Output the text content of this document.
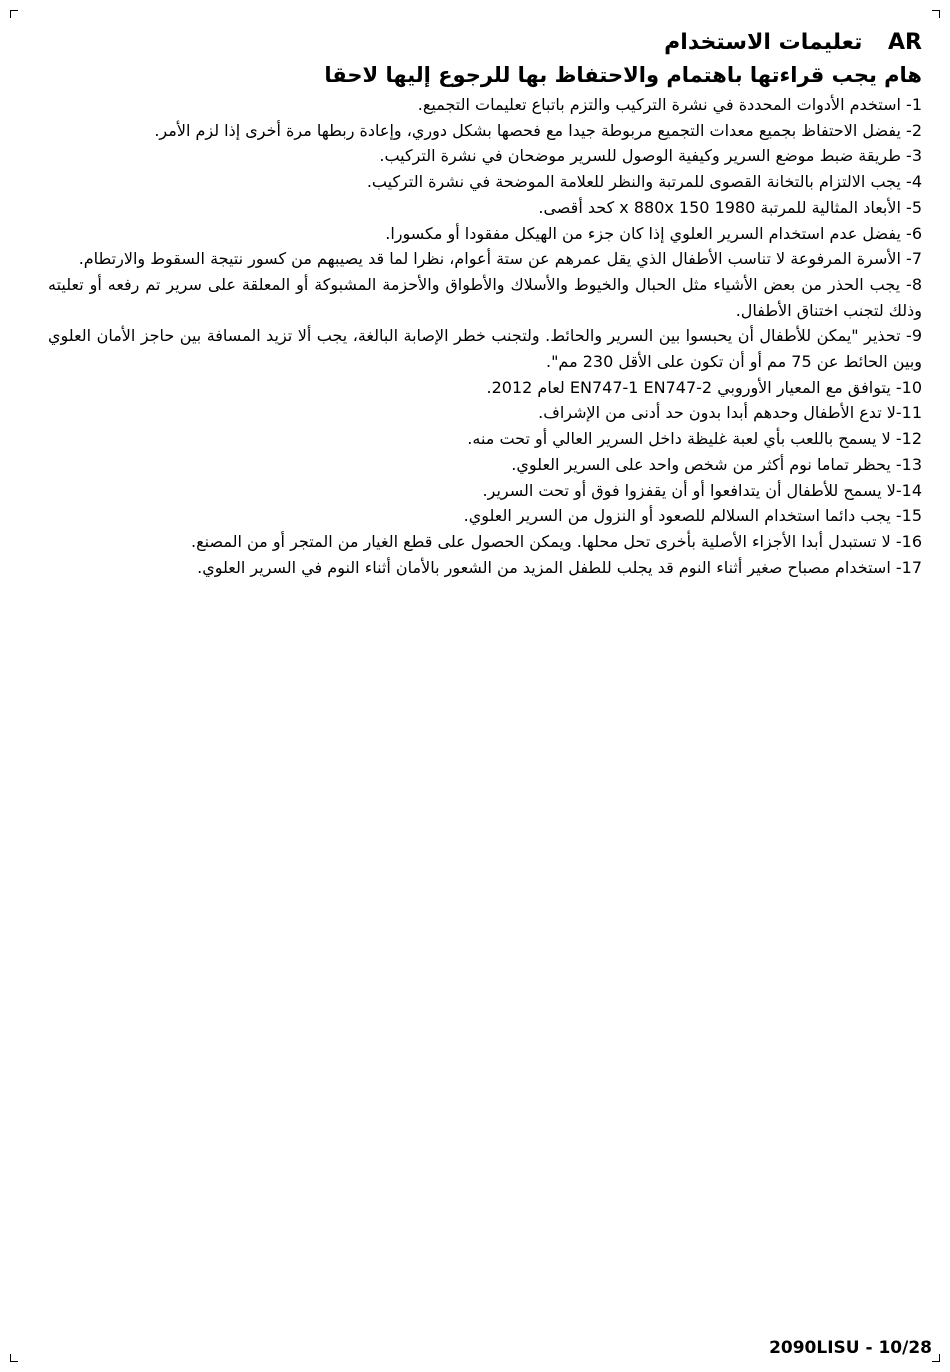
AR تعليمات الاستخدام
هام يجب قراءتها باهتمام والاحتفاظ بها للرجوع إليها لاحقا
1- استخدم الأدوات المحددة في نشرة التركيب والتزم باتباع تعليمات التجميع.
2- يفضل الاحتفاظ بجميع معدات التجميع مربوطة جيدا مع فحصها بشكل دوري، وإعادة ربطها مرة أخرى إذا لزم الأمر.
3- طريقة ضبط موضع السرير وكيفية الوصول للسرير موضحان في نشرة التركيب.
4- يجب الالتزام بالتخانة القصوى للمرتبة والنظر للعلامة الموضحة في نشرة التركيب.
5- الأبعاد المثالية للمرتبة 1980 x 880x 150 كحد أقصى.
6- يفضل عدم استخدام السرير العلوي إذا كان جزء من الهيكل مفقودا أو مكسورا.
7- الأسرة المرفوعة لا تناسب الأطفال الذي يقل عمرهم عن ستة أعوام، نظرا لما قد يصيبهم من كسور نتيجة السقوط والارتطام.
8- يجب الحذر من بعض الأشياء مثل الحبال والخيوط والأسلاك والأطواق والأحزمة المشبوكة أو المعلقة على سرير تم رفعه أو تعليته وذلك لتجنب اختناق الأطفال.
9- تحذير "يمكن للأطفال أن يحبسوا بين السرير والحائط. ولتجنب خطر الإصابة البالغة، يجب ألا تزيد المسافة بين حاجز الأمان العلوي وبين الحائط عن 75 مم أو أن تكون على الأقل 230 مم".
10- يتوافق مع المعيار الأوروبي EN747-1 EN747-2 لعام 2012.
11-لا تدع الأطفال وحدهم أبدا بدون حد أدنى من الإشراف.
12- لا يسمح باللعب بأي لعبة غليظة داخل السرير العالي أو تحت منه.
13- يحظر تماما نوم أكثر من شخص واحد على السرير العلوي.
14-لا يسمح للأطفال أن يتدافعوا أو أن يقفزوا فوق أو تحت السرير.
15- يجب دائما استخدام السلالم للصعود أو النزول من السرير العلوي.
16- لا تستبدل أبدا الأجزاء الأصلية بأخرى تحل محلها. ويمكن الحصول على قطع الغيار من المتجر أو من المصنع.
17- استخدام مصباح صغير أثناء النوم قد يجلب للطفل المزيد من الشعور بالأمان أثناء النوم في السرير العلوي.
2090LISU - 10/28
